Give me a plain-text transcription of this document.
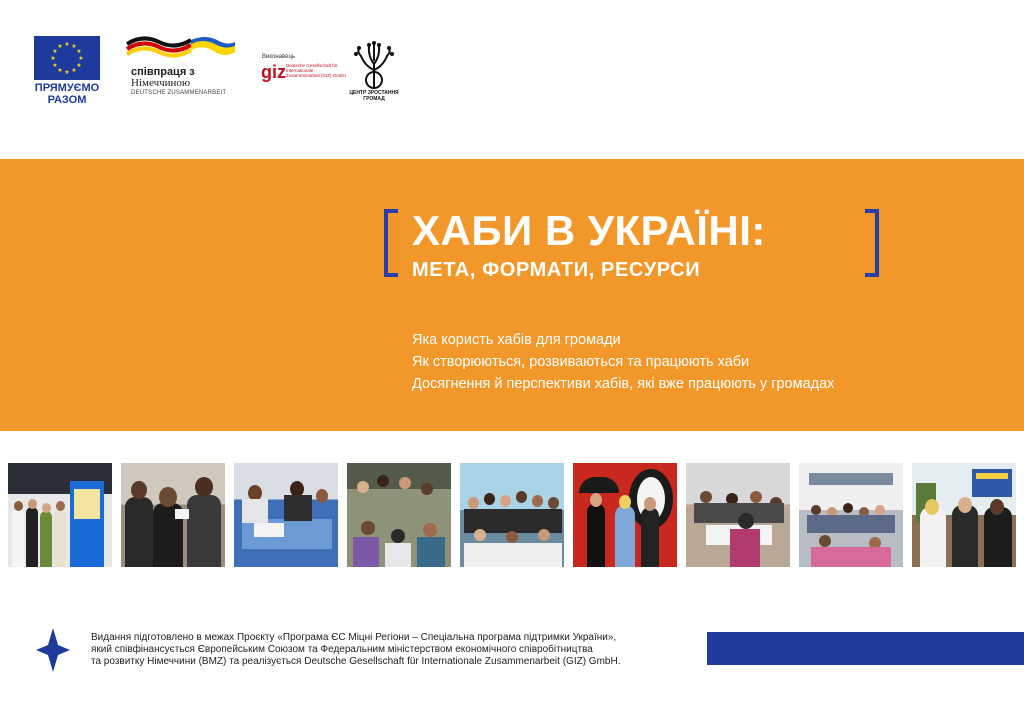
★ ★
★
★
★
★
★
★
★
★
★
★
ПРЯМУЄМО
РАЗОМ
співпраця з
Німеччиною
DEUTSCHE ZUSAMMENARBEIT
Виконавець
giz Deutsche Gesellschaft für Internationale Zusammenarbeit (GIZ) GmbH
ЦЕНТР ЗРОСТАННЯ
ГРОМАД
ХАБИ В УКРАЇНІ:
МЕТА, ФОРМАТИ, РЕСУРСИ
Яка користь хабів для громади
Як створюються, розвиваються та працюють хаби
Досягнення й перспективи хабів, які вже працюють у громадах
Видання підготовлено в межах Проєкту «Програма ЄС Міцні Регіони – Спеціальна програма підтримки України»,
який співфінансується Європейським Союзом та Федеральним міністерством економічного співробітництва
та розвитку Німеччини (BMZ) та реалізується Deutsche Gesellschaft für Internationale Zusammenarbeit (GIZ) GmbH.
